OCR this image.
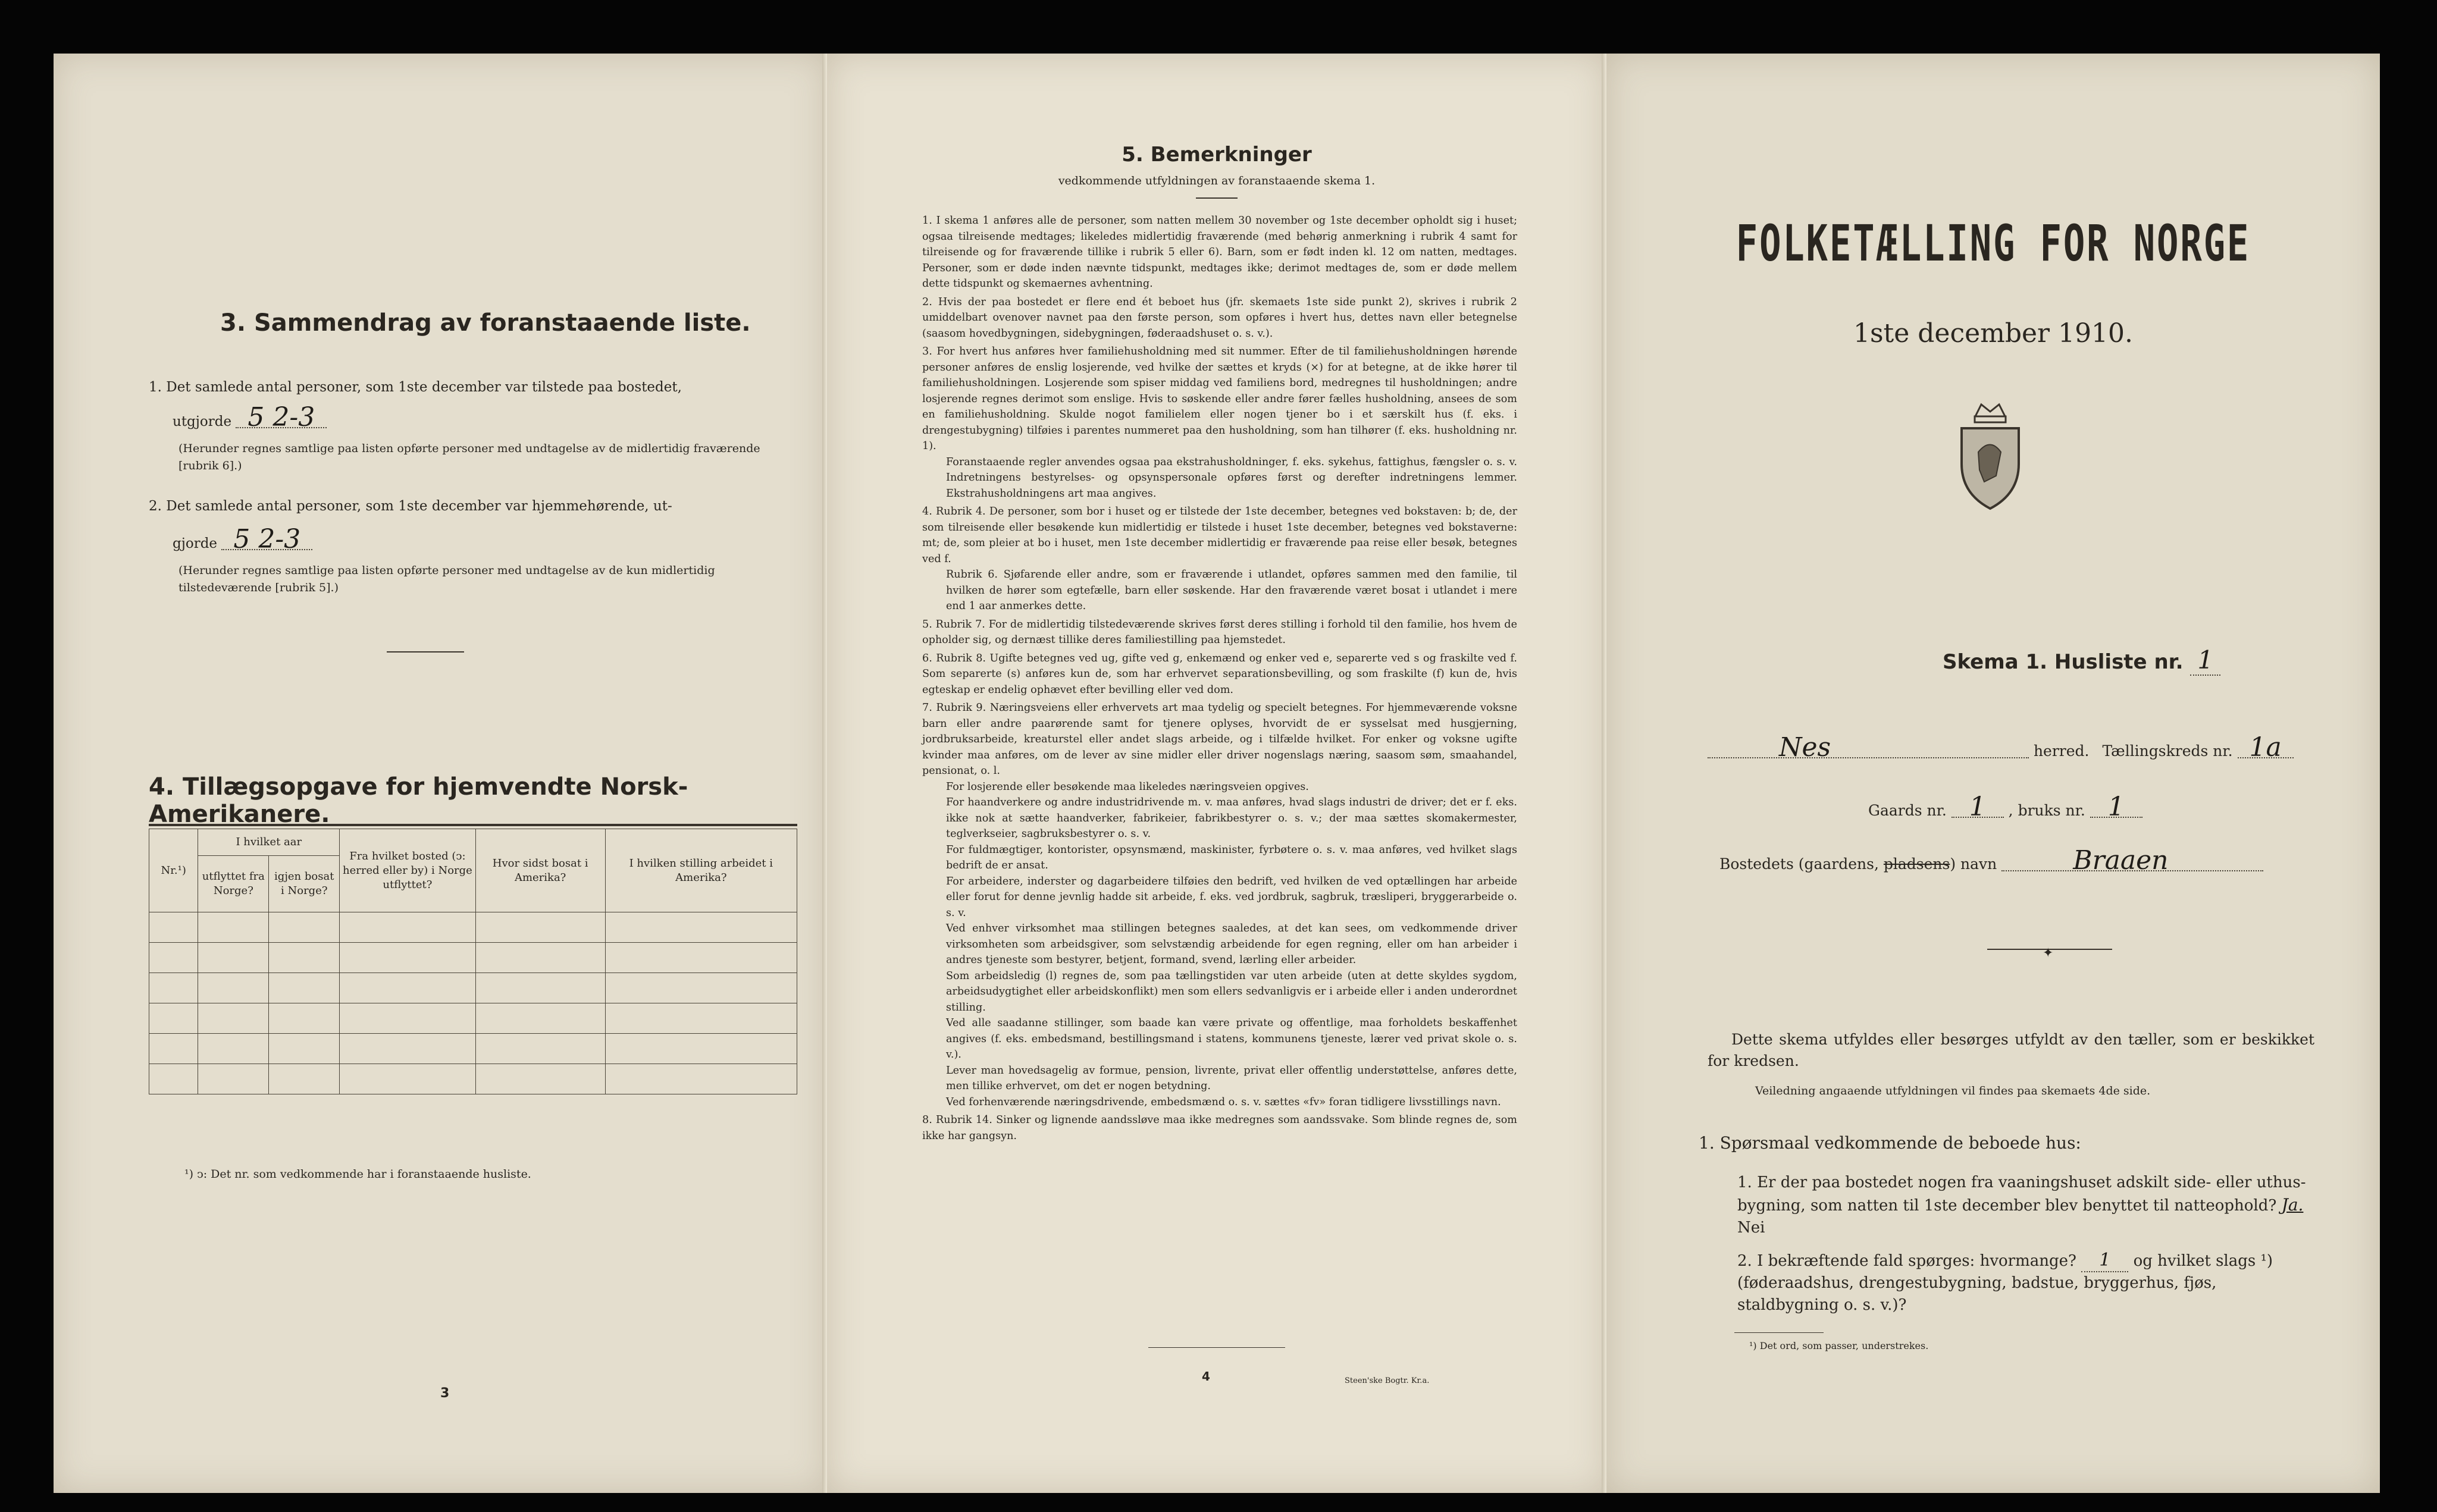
3. Sammendrag av foranstaaende liste.
1. Det samlede antal personer, som 1ste december var tilstede paa bostedet,
utgjorde 5 2-3
(Herunder regnes samtlige paa listen opførte personer med undtagelse av de midlertidig fraværende [rubrik 6].)
2. Det samlede antal personer, som 1ste december var hjemmehørende, ut-
gjorde 5 2-3
(Herunder regnes samtlige paa listen opførte personer med undtagelse av de kun midlertidig tilstedeværende [rubrik 5].)
4. Tillægsopgave for hjemvendte Norsk-Amerikanere.
Nr.¹)	I hvilket aar		Fra hvilket bosted (ↄ: herred eller by) i Norge utflyttet?	Hvor sidst bosat i Amerika?	I hvilken stilling arbeidet i Amerika?
	utflyttet fra Norge?	igjen bosat i Norge?			

¹) ↄ: Det nr. som vedkommende har i foranstaaende husliste.
3
5. Bemerkninger
vedkommende utfyldningen av foranstaaende skema 1.

1. I skema 1 anføres alle de personer, som natten mellem 30 november og 1ste december opholdt sig i huset; ogsaa tilreisende medtages; likeledes midlertidig fraværende (med behørig anmerkning i rubrik 4 samt for tilreisende og for fraværende tillike i rubrik 5 eller 6). Barn, som er født inden kl. 12 om natten, medtages. Personer, som er døde inden nævnte tidspunkt, medtages ikke; derimot medtages de, som er døde mellem dette tidspunkt og skemaernes avhentning.

2. Hvis der paa bostedet er flere end ét beboet hus (jfr. skemaets 1ste side punkt 2), skrives i rubrik 2 umiddelbart ovenover navnet paa den første person, som opføres i hvert hus, dettes navn eller betegnelse (saasom hovedbygningen, sidebygningen, føderaadshuset o. s. v.).

3. For hvert hus anføres hver familiehusholdning med sit nummer. Efter de til familiehusholdningen hørende personer anføres de enslig losjerende, ved hvilke der sættes et kryds (×) for at betegne, at de ikke hører til familiehusholdningen. Losjerende som spiser middag ved familiens bord, medregnes til husholdningen; andre losjerende regnes derimot som enslige. Hvis to søskende eller andre fører fælles husholdning, ansees de som en familiehusholdning. Skulde nogot familielem eller nogen tjener bo i et særskilt hus (f. eks. i drengestubygning) tilføies i parentes nummeret paa den husholdning, som han tilhører (f. eks. husholdning nr. 1).

Foranstaaende regler anvendes ogsaa paa ekstrahusholdninger, f. eks. sykehus, fattighus, fængsler o. s. v. Indretningens bestyrelses- og opsynspersonale opføres først og derefter indretningens lemmer. Ekstrahusholdningens art maa angives.

4. Rubrik 4. De personer, som bor i huset og er tilstede der 1ste december, betegnes ved bokstaven: b; de, der som tilreisende eller besøkende kun midlertidig er tilstede i huset 1ste december, betegnes ved bokstaverne: mt; de, som pleier at bo i huset, men 1ste december midlertidig er fraværende paa reise eller besøk, betegnes ved f.

Rubrik 6. Sjøfarende eller andre, som er fraværende i utlandet, opføres sammen med den familie, til hvilken de hører som egtefælle, barn eller søskende. Har den fraværende været bosat i utlandet i mere end 1 aar anmerkes dette.

5. Rubrik 7. For de midlertidig tilstedeværende skrives først deres stilling i forhold til den familie, hos hvem de opholder sig, og dernæst tillike deres familiestilling paa hjemstedet.

6. Rubrik 8. Ugifte betegnes ved ug, gifte ved g, enkemænd og enker ved e, separerte ved s og fraskilte ved f. Som separerte (s) anføres kun de, som har erhvervet separationsbevilling, og som fraskilte (f) kun de, hvis egteskap er endelig ophævet efter bevilling eller ved dom.

7. Rubrik 9. Næringsveiens eller erhvervets art maa tydelig og specielt betegnes. For hjemmeværende voksne barn eller andre paarørende samt for tjenere oplyses, hvorvidt de er sysselsat med husgjerning, jordbruksarbeide, kreaturstel eller andet slags arbeide, og i tilfælde hvilket. For enker og voksne ugifte kvinder maa anføres, om de lever av sine midler eller driver nogenslags næring, saasom søm, smaahandel, pensionat, o. l.

For losjerende eller besøkende maa likeledes næringsveien opgives.

For haandverkere og andre industridrivende m. v. maa anføres, hvad slags industri de driver; det er f. eks. ikke nok at sætte haandverker, fabrikeier, fabrikbestyrer o. s. v.; der maa sættes skomakermester, teglverkseier, sagbruksbestyrer o. s. v.

For fuldmægtiger, kontorister, opsynsmænd, maskinister, fyrbøtere o. s. v. maa anføres, ved hvilket slags bedrift de er ansat.

For arbeidere, inderster og dagarbeidere tilføies den bedrift, ved hvilken de ved optællingen har arbeide eller forut for denne jevnlig hadde sit arbeide, f. eks. ved jordbruk, sagbruk, træsliperi, bryggerarbeide o. s. v.

Ved enhver virksomhet maa stillingen betegnes saaledes, at det kan sees, om vedkommende driver virksomheten som arbeidsgiver, som selvstændig arbeidende for egen regning, eller om han arbeider i andres tjeneste som bestyrer, betjent, formand, svend, lærling eller arbeider.

Som arbeidsledig (l) regnes de, som paa tællingstiden var uten arbeide (uten at dette skyldes sygdom, arbeidsudygtighet eller arbeidskonflikt) men som ellers sedvanligvis er i arbeide eller i anden underordnet stilling.

Ved alle saadanne stillinger, som baade kan være private og offentlige, maa forholdets beskaffenhet angives (f. eks. embedsmand, bestillingsmand i statens, kommunens tjeneste, lærer ved privat skole o. s. v.).

Lever man hovedsagelig av formue, pension, livrente, privat eller offentlig understøttelse, anføres dette, men tillike erhvervet, om det er nogen betydning.

Ved forhenværende næringsdrivende, embedsmænd o. s. v. sættes «fv» foran tidligere livsstillings navn.

8. Rubrik 14. Sinker og lignende aandssløve maa ikke medregnes som aandssvake. Som blinde regnes de, som ikke har gangsyn.

4	Steen'ske Bogtr. Kr.a.
FOLKETÆLLING FOR NORGE
1ste december 1910.
Skema 1. Husliste nr. 1
Nes	herred. Tællingskreds nr. 1a
Gaards nr. 1 , bruks nr. 1
Bostedets (gaardens, pladsens) navn	Braaen
✦
Dette skema utfyldes eller besørges utfyldt av den tæller, som er beskikket for kredsen.
Veiledning angaaende utfyldningen vil findes paa skemaets 4de side.
1. Spørsmaal vedkommende de beboede hus:
1. Er der paa bostedet nogen fra vaaningshuset adskilt side- eller uthus-bygning, som natten til 1ste december blev benyttet til natteophold? Ja. Nei
2. I bekræftende fald spørges: hvormange? 1 og hvilket slags ¹) (føderaadshus, drengestubygning, badstue, bryggerhus, fjøs, staldbygning o. s. v.)?
¹) Det ord, som passer, understrekes.
